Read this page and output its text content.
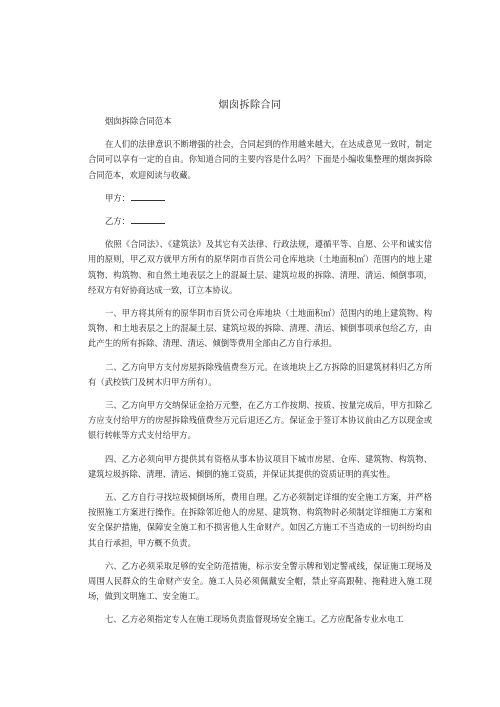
烟囱拆除合同

烟囱拆除合同范本

在人们的法律意识不断增强的社会，合同起到的作用越来越大，在达成意见一致时，制定合同可以享有一定的自由。你知道合同的主要内容是什么吗？下面是小编收集整理的烟囱拆除合同范本，欢迎阅读与收藏。

甲方：

乙方：

依照《合同法》、《建筑法》及其它有关法律、行政法规，遵循平等、自愿、公平和诚实信用的原则，甲乙双方就甲方所有的原华阴市百货公司仓库地块（土地面积㎡）范围内的地上建筑物、构筑物、和自然土地表层之上的混凝土层、建筑垃圾的拆除、清理、清运、倾倒事项，经双方有好协商达成一致，订立本协议。

一、甲方将其所有的原华阴市百货公司仓库地块（土地面积㎡）范围内的地上建筑物、构筑物、和土地表层之上的混凝土层、建筑垃圾的拆除、清理、清运、倾倒事项承包给乙方，由此产生的所有拆除、清理、清运、倾倒等费用全部由乙方自行承担。

二、乙方向甲方支付房屋拆除残值费叁万元。在该地块上乙方拆除的旧建筑材料归乙方所有（武校铁门及树木归甲方所有）。

三、乙方向甲方交纳保证金拾万元整，在乙方工作按期、按质、按量完成后，甲方扣除乙方应支付给甲方的房屋拆除残值费叁万元后退还乙方。保证金于签订本协议前由乙方以现金或银行转帐等方式支付给甲方。

四、乙方必须向甲方提供其有资格从事本协议项目下城市房屋、仓库、建筑物、构筑物、建筑垃圾拆除、清理、清运、倾倒的施工资质，并保证其提供的资质证明的真实性。

五、乙方自行寻找垃圾倾倒场所，费用自理。乙方必须制定详细的安全施工方案，并严格按照施工方案进行操作。在拆除邻近他人的房屋、建筑物、构筑物时必须制定详细施工方案和安全保护措施，保障安全施工和不损害他人生命财产。如因乙方施工不当造成的一切纠纷均由其自行承担，甲方概不负责。

六、乙方必须采取足够的安全防范措施，标示安全警示牌和划定警戒线，保证施工现场及周围人民群众的生命财产安全。施工人员必须佩戴安全帽，禁止穿高跟鞋、拖鞋进入施工现场，做到文明施工、安全施工。

七、乙方必须指定专人在施工现场负责监督现场安全施工。乙方应配备专业水电工
